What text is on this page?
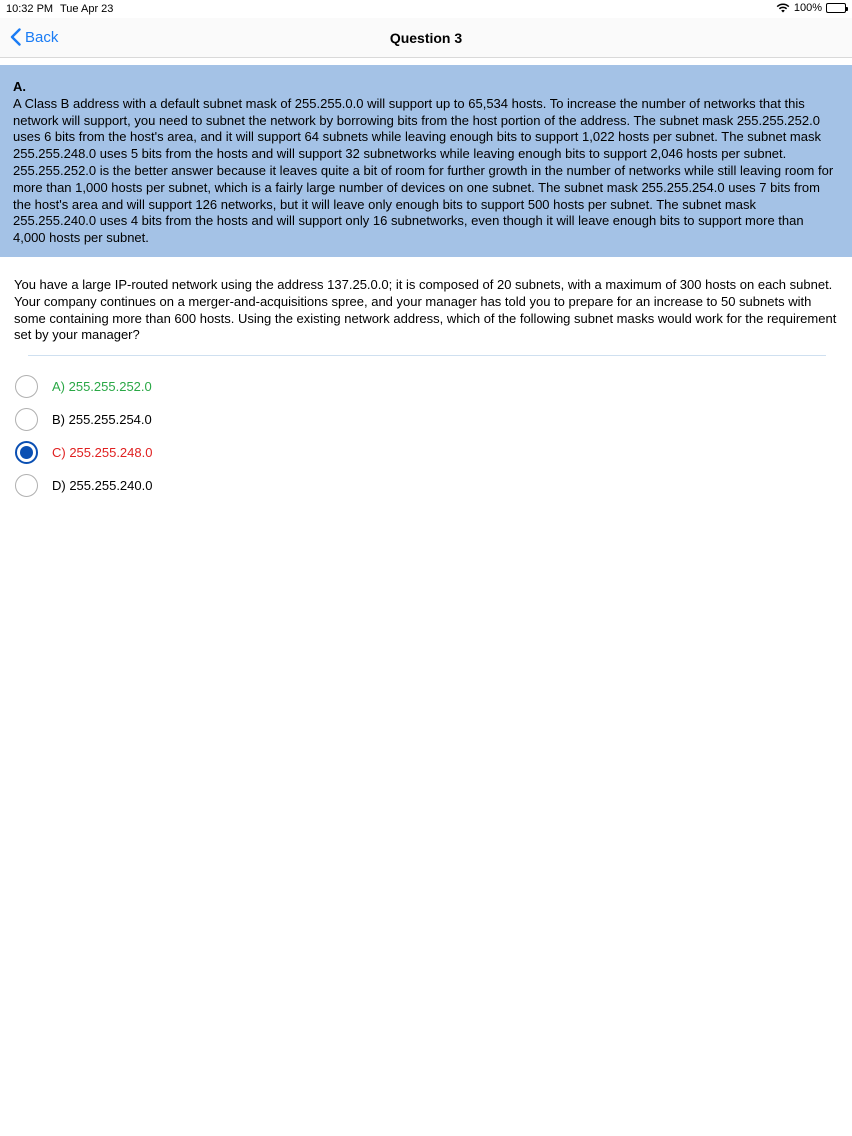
10:32 PM Tue Apr 23	100%
Back	Question 3
A.
A Class B address with a default subnet mask of 255.255.0.0 will support up to 65,534 hosts. To increase the number of networks that this network will support, you need to subnet the network by borrowing bits from the host portion of the address. The subnet mask 255.255.252.0 uses 6 bits from the host's area, and it will support 64 subnets while leaving enough bits to support 1,022 hosts per subnet. The subnet mask 255.255.248.0 uses 5 bits from the hosts and will support 32 subnetworks while leaving enough bits to support 2,046 hosts per subnet. 255.255.252.0 is the better answer because it leaves quite a bit of room for further growth in the number of networks while still leaving room for more than 1,000 hosts per subnet, which is a fairly large number of devices on one subnet. The subnet mask 255.255.254.0 uses 7 bits from the host's area and will support 126 networks, but it will leave only enough bits to support 500 hosts per subnet. The subnet mask 255.255.240.0 uses 4 bits from the hosts and will support only 16 subnetworks, even though it will leave enough bits to support more than 4,000 hosts per subnet.
You have a large IP-routed network using the address 137.25.0.0; it is composed of 20 subnets, with a maximum of 300 hosts on each subnet. Your company continues on a merger-and-acquisitions spree, and your manager has told you to prepare for an increase to 50 subnets with some containing more than 600 hosts. Using the existing network address, which of the following subnet masks would work for the requirement set by your manager?
A) 255.255.252.0
B) 255.255.254.0
C) 255.255.248.0
D) 255.255.240.0
